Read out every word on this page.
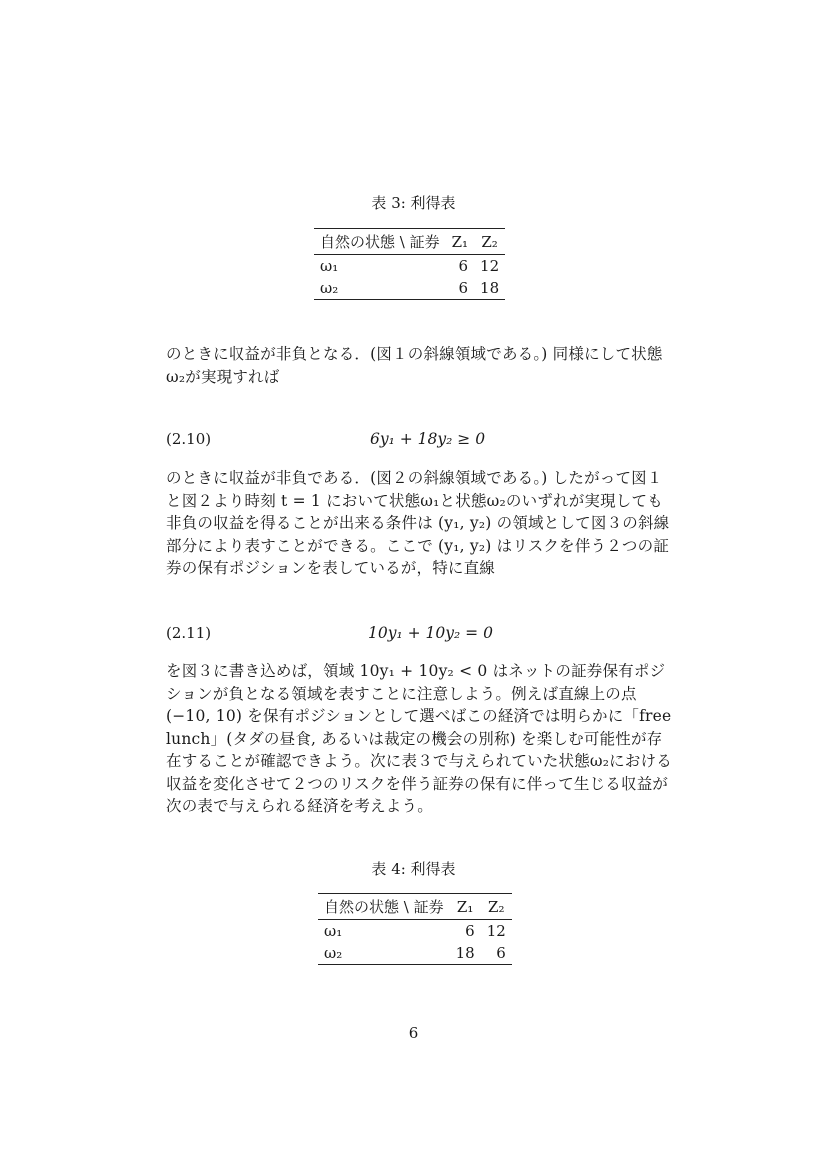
表 3: 利得表
自然の状態 \ 証券	Z₁	Z₂
ω₁	6	12
ω₂	6	18
のときに収益が非負となる．(図１の斜線領域である。) 同様にして状態ω₂が実現すれば
(2.10)	6y₁ + 18y₂ ≥ 0
のときに収益が非負である．(図２の斜線領域である。) したがって図１と図２より時刻 t = 1 において状態ω₁と状態ω₂のいずれが実現しても非負の収益を得ることが出来る条件は (y₁, y₂) の領域として図３の斜線部分により表すことができる。ここで (y₁, y₂) はリスクを伴う２つの証券の保有ポジションを表しているが，特に直線
(2.11)	10y₁ + 10y₂ = 0
を図３に書き込めば，領域 10y₁ + 10y₂ < 0 はネットの証券保有ポジションが負となる領域を表すことに注意しよう。例えば直線上の点 (−10, 10) を保有ポジションとして選べばこの経済では明らかに「free lunch」(タダの昼食, あるいは裁定の機会の別称) を楽しむ可能性が存在することが確認できよう。次に表３で与えられていた状態ω₂における収益を変化させて２つのリスクを伴う証券の保有に伴って生じる収益が次の表で与えられる経済を考えよう。
表 4: 利得表
自然の状態 \ 証券	Z₁	Z₂
ω₁	6	12
ω₂	18	6
6
